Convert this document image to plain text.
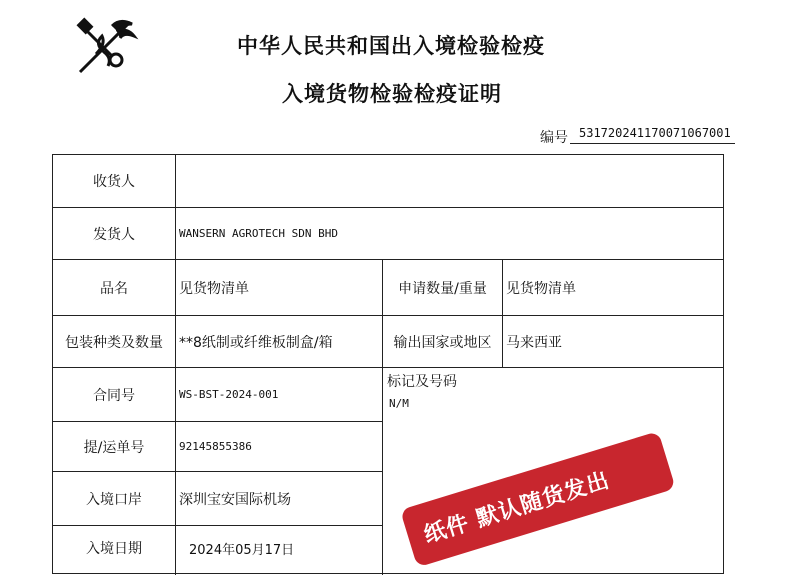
中华人民共和国出入境检验检疫
入境货物检验检疫证明
编号 531720241170071067001
收货人
发货人	WANSERN AGROTECH SDN BHD
品名	见货物清单	申请数量/重量	见货物清单
包装种类及数量	**8纸制或纤维板制盒/箱	输出国家或地区	马来西亚
合同号	WS-BST-2024-001
标记及号码
N/M
提/运单号	92145855386
入境口岸	深圳宝安国际机场
入境日期	2024年05月17日
纸件 默认随货发出
